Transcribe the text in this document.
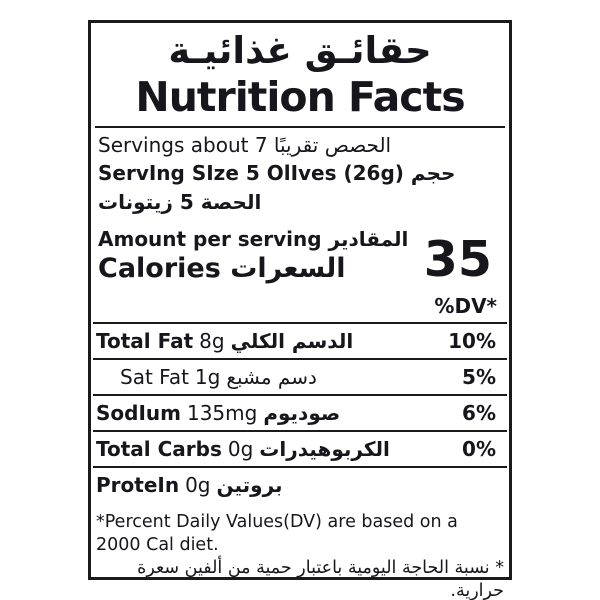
حقائـق غذائيـة
Nutrition Facts
Servings about 7 الحصص تقريبًا
ServIng SIze 5 OlIves (26g) حجم الحصة 5 زيتونات
Amount per serving المقادير
Calories السعرات	35
%DV*
Total Fat 8g الدسم الكلي	10%
Sat Fat 1g دسم مشبع	5%
SodIum 135mg صوديوم	6%
Total Carbs 0g الكربوهيدرات	0%
ProteIn 0g بروتين
*Percent Daily Values(DV) are based on a 2000 Cal diet.
* نسبة الحاجة اليومية باعتبار حمية من ألفين سعرة حرارية.
